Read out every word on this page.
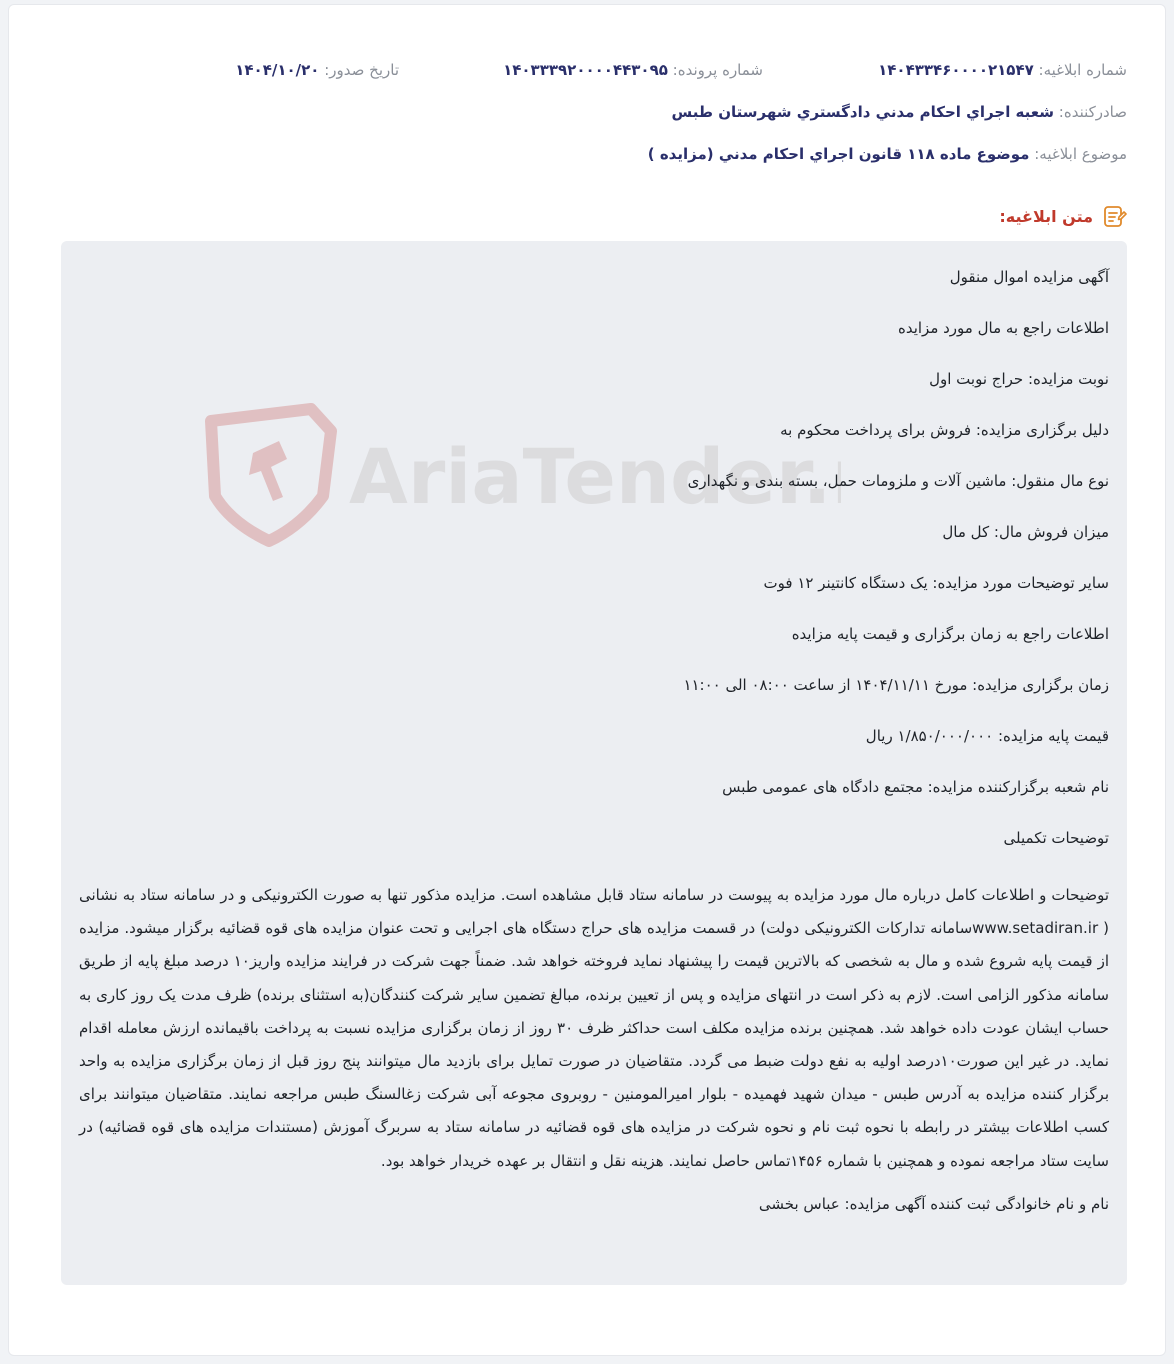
شماره ابلاغیه: ۱۴۰۴۳۳۴۶۰۰۰۰۲۱۵۴۷
شماره پرونده: ۱۴۰۳۳۳۹۲۰۰۰۰۴۴۳۰۹۵
تاریخ صدور: ۱۴۰۴/۱۰/۲۰
صادرکننده: شعبه اجراي احكام مدني دادگستري شهرستان طبس
موضوع ابلاغیه: موضوع ماده ۱۱۸ قانون اجراي احكام مدني (مزايده )
متن ابلاغیه:
AriaTender.

آگهی مزایده اموال منقول

اطلاعات راجع به مال مورد مزایده

نوبت مزایده: حراج نوبت اول

دلیل برگزاری مزایده: فروش برای پرداخت محکوم به

نوع مال منقول: ماشین آلات و ملزومات حمل، بسته بندی و نگهداری

میزان فروش مال: کل مال

سایر توضیحات مورد مزایده: یک دستگاه کانتینر ۱۲ فوت

اطلاعات راجع به زمان برگزاری و قیمت پایه مزایده

زمان برگزاری مزایده: مورخ ۱۴۰۴/۱۱/۱۱ از ساعت ۰۸:۰۰ الی ۱۱:۰۰

قیمت پایه مزایده: ۱/۸۵۰/۰۰۰/۰۰۰ ریال

نام شعبه برگزارکننده مزایده: مجتمع دادگاه های عمومی طبس

توضیحات تکمیلی

توضیحات و اطلاعات کامل درباره مال مورد مزایده به پیوست در سامانه ستاد قابل مشاهده است. مزایده مذکور تنها به صورت الکترونیکی و در سامانه ستاد به نشانی ( www.setadiran.irسامانه تدارکات الکترونیکی دولت) در قسمت مزایده های حراج دستگاه های اجرایی و تحت عنوان مزایده های قوه قضائیه برگزار میشود. مزایده از قیمت پایه شروع شده و مال به شخصی که بالاترین قیمت را پیشنهاد نماید فروخته خواهد شد. ضمناً جهت شرکت در فرایند مزایده واریز۱۰ درصد مبلغ پایه از طریق سامانه مذکور الزامی است. لازم به ذکر است در انتهای مزایده و پس از تعیین برنده، مبالغ تضمین سایر شرکت کنندگان(به استثنای برنده) ظرف مدت یک روز کاری به حساب ایشان عودت داده خواهد شد. همچنین برنده مزایده مکلف است حداکثر ظرف ۳۰ روز از زمان برگزاری مزایده نسبت به پرداخت باقیمانده ارزش معامله اقدام نماید. در غیر این صورت۱۰درصد اولیه به نفع دولت ضبط می گردد. متقاضیان در صورت تمایل برای بازدید مال میتوانند پنج روز قبل از زمان برگزاری مزایده به واحد برگزار کننده مزایده به آدرس طبس - میدان شهید فهمیده - بلوار امیرالمومنین - روبروی مجوعه آبی شرکت زغالسنگ طبس مراجعه نمایند. متقاضیان میتوانند برای کسب اطلاعات بیشتر در رابطه با نحوه ثبت نام و نحوه شرکت در مزایده های قوه قضائیه در سامانه ستاد به سربرگ آموزش (مستندات مزایده های قوه قضائیه) در سایت ستاد مراجعه نموده و همچنین با شماره ۱۴۵۶تماس حاصل نمایند. هزینه نقل و انتقال بر عهده خریدار خواهد بود.

نام و نام خانوادگی ثبت کننده آگهی مزایده: عباس بخشی
